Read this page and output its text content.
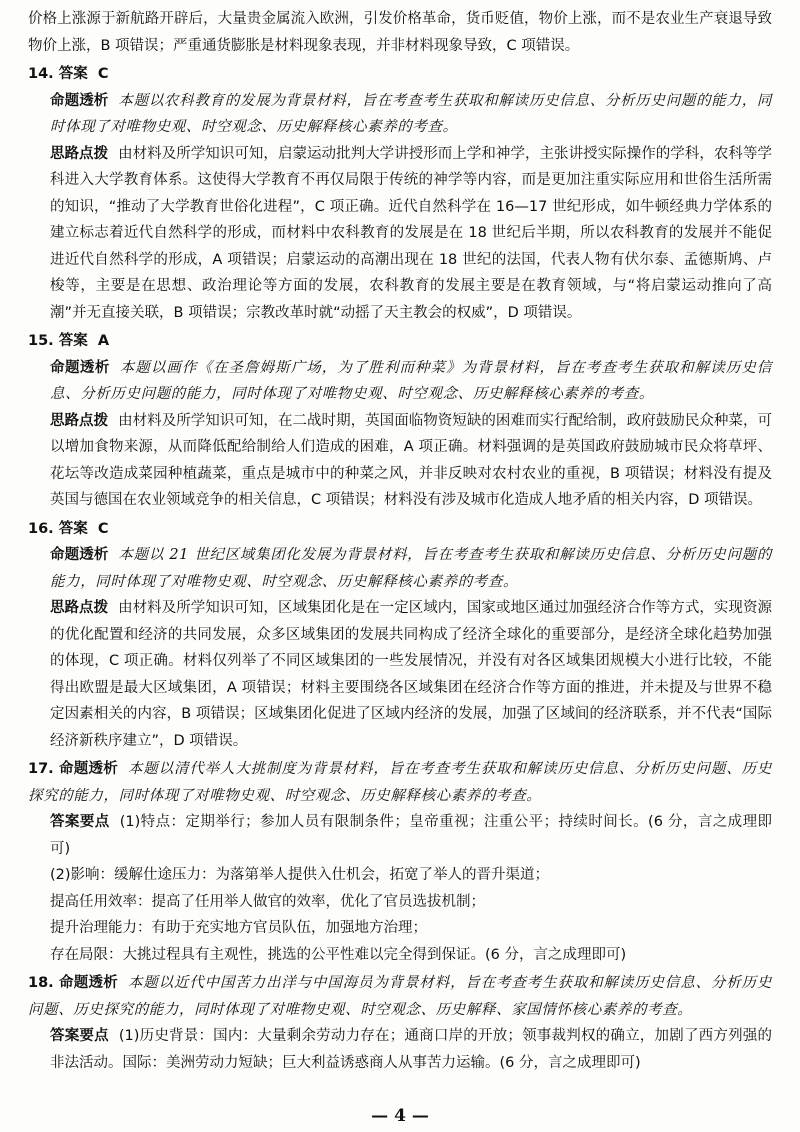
价格上涨源于新航路开辟后，大量贵金属流入欧洲，引发价格革命，货币贬值，物价上涨，而不是农业生产衰退导致物价上涨，B 项错误；严重通货膨胀是材料现象表现，并非材料现象导致，C 项错误。

14. 答案 C

命题透析 本题以农科教育的发展为背景材料，旨在考查考生获取和解读历史信息、分析历史问题的能力，同时体现了对唯物史观、时空观念、历史解释核心素养的考查。

思路点拨 由材料及所学知识可知，启蒙运动批判大学讲授形而上学和神学，主张讲授实际操作的学科，农科等学科进入大学教育体系。这使得大学教育不再仅局限于传统的神学等内容，而是更加注重实际应用和世俗生活所需的知识，“推动了大学教育世俗化进程”，C 项正确。近代自然科学在 16—17 世纪形成，如牛顿经典力学体系的建立标志着近代自然科学的形成，而材料中农科教育的发展是在 18 世纪后半期，所以农科教育的发展并不能促进近代自然科学的形成，A 项错误；启蒙运动的高潮出现在 18 世纪的法国，代表人物有伏尔泰、孟德斯鸠、卢梭等，主要是在思想、政治理论等方面的发展，农科教育的发展主要是在教育领域，与“将启蒙运动推向了高潮”并无直接关联，B 项错误；宗教改革时就“动摇了天主教会的权威”，D 项错误。

15. 答案 A

命题透析 本题以画作《在圣詹姆斯广场，为了胜利而种菜》为背景材料，旨在考查考生获取和解读历史信息、分析历史问题的能力，同时体现了对唯物史观、时空观念、历史解释核心素养的考查。

思路点拨 由材料及所学知识可知，在二战时期，英国面临物资短缺的困难而实行配给制，政府鼓励民众种菜，可以增加食物来源，从而降低配给制给人们造成的困难，A 项正确。材料强调的是英国政府鼓励城市民众将草坪、花坛等改造成菜园种植蔬菜，重点是城市中的种菜之风，并非反映对农村农业的重视，B 项错误；材料没有提及英国与德国在农业领域竞争的相关信息，C 项错误；材料没有涉及城市化造成人地矛盾的相关内容，D 项错误。

16. 答案 C

命题透析 本题以 21 世纪区域集团化发展为背景材料，旨在考查考生获取和解读历史信息、分析历史问题的能力，同时体现了对唯物史观、时空观念、历史解释核心素养的考查。

思路点拨 由材料及所学知识可知，区域集团化是在一定区域内，国家或地区通过加强经济合作等方式，实现资源的优化配置和经济的共同发展，众多区域集团的发展共同构成了经济全球化的重要部分，是经济全球化趋势加强的体现，C 项正确。材料仅列举了不同区域集团的一些发展情况，并没有对各区域集团规模大小进行比较，不能得出欧盟是最大区域集团，A 项错误；材料主要围绕各区域集团在经济合作等方面的推进，并未提及与世界不稳定因素相关的内容，B 项错误；区域集团化促进了区域内经济的发展，加强了区域间的经济联系，并不代表“国际经济新秩序建立”，D 项错误。

17. 命题透析 本题以清代举人大挑制度为背景材料，旨在考查考生获取和解读历史信息、分析历史问题、历史探究的能力，同时体现了对唯物史观、时空观念、历史解释核心素养的考查。

答案要点 (1)特点：定期举行；参加人员有限制条件；皇帝重视；注重公平；持续时间长。(6 分，言之成理即可)

(2)影响：缓解仕途压力：为落第举人提供入仕机会，拓宽了举人的晋升渠道；

提高任用效率：提高了任用举人做官的效率，优化了官员选拔机制；

提升治理能力：有助于充实地方官员队伍，加强地方治理；

存在局限：大挑过程具有主观性，挑选的公平性难以完全得到保证。(6 分，言之成理即可)

18. 命题透析 本题以近代中国苦力出洋与中国海员为背景材料，旨在考查考生获取和解读历史信息、分析历史问题、历史探究的能力，同时体现了对唯物史观、时空观念、历史解释、家国情怀核心素养的考查。

答案要点 (1)历史背景：国内：大量剩余劳动力存在；通商口岸的开放；领事裁判权的确立，加剧了西方列强的非法活动。国际：美洲劳动力短缺；巨大利益诱惑商人从事苦力运输。(6 分，言之成理即可)

— 4 —
